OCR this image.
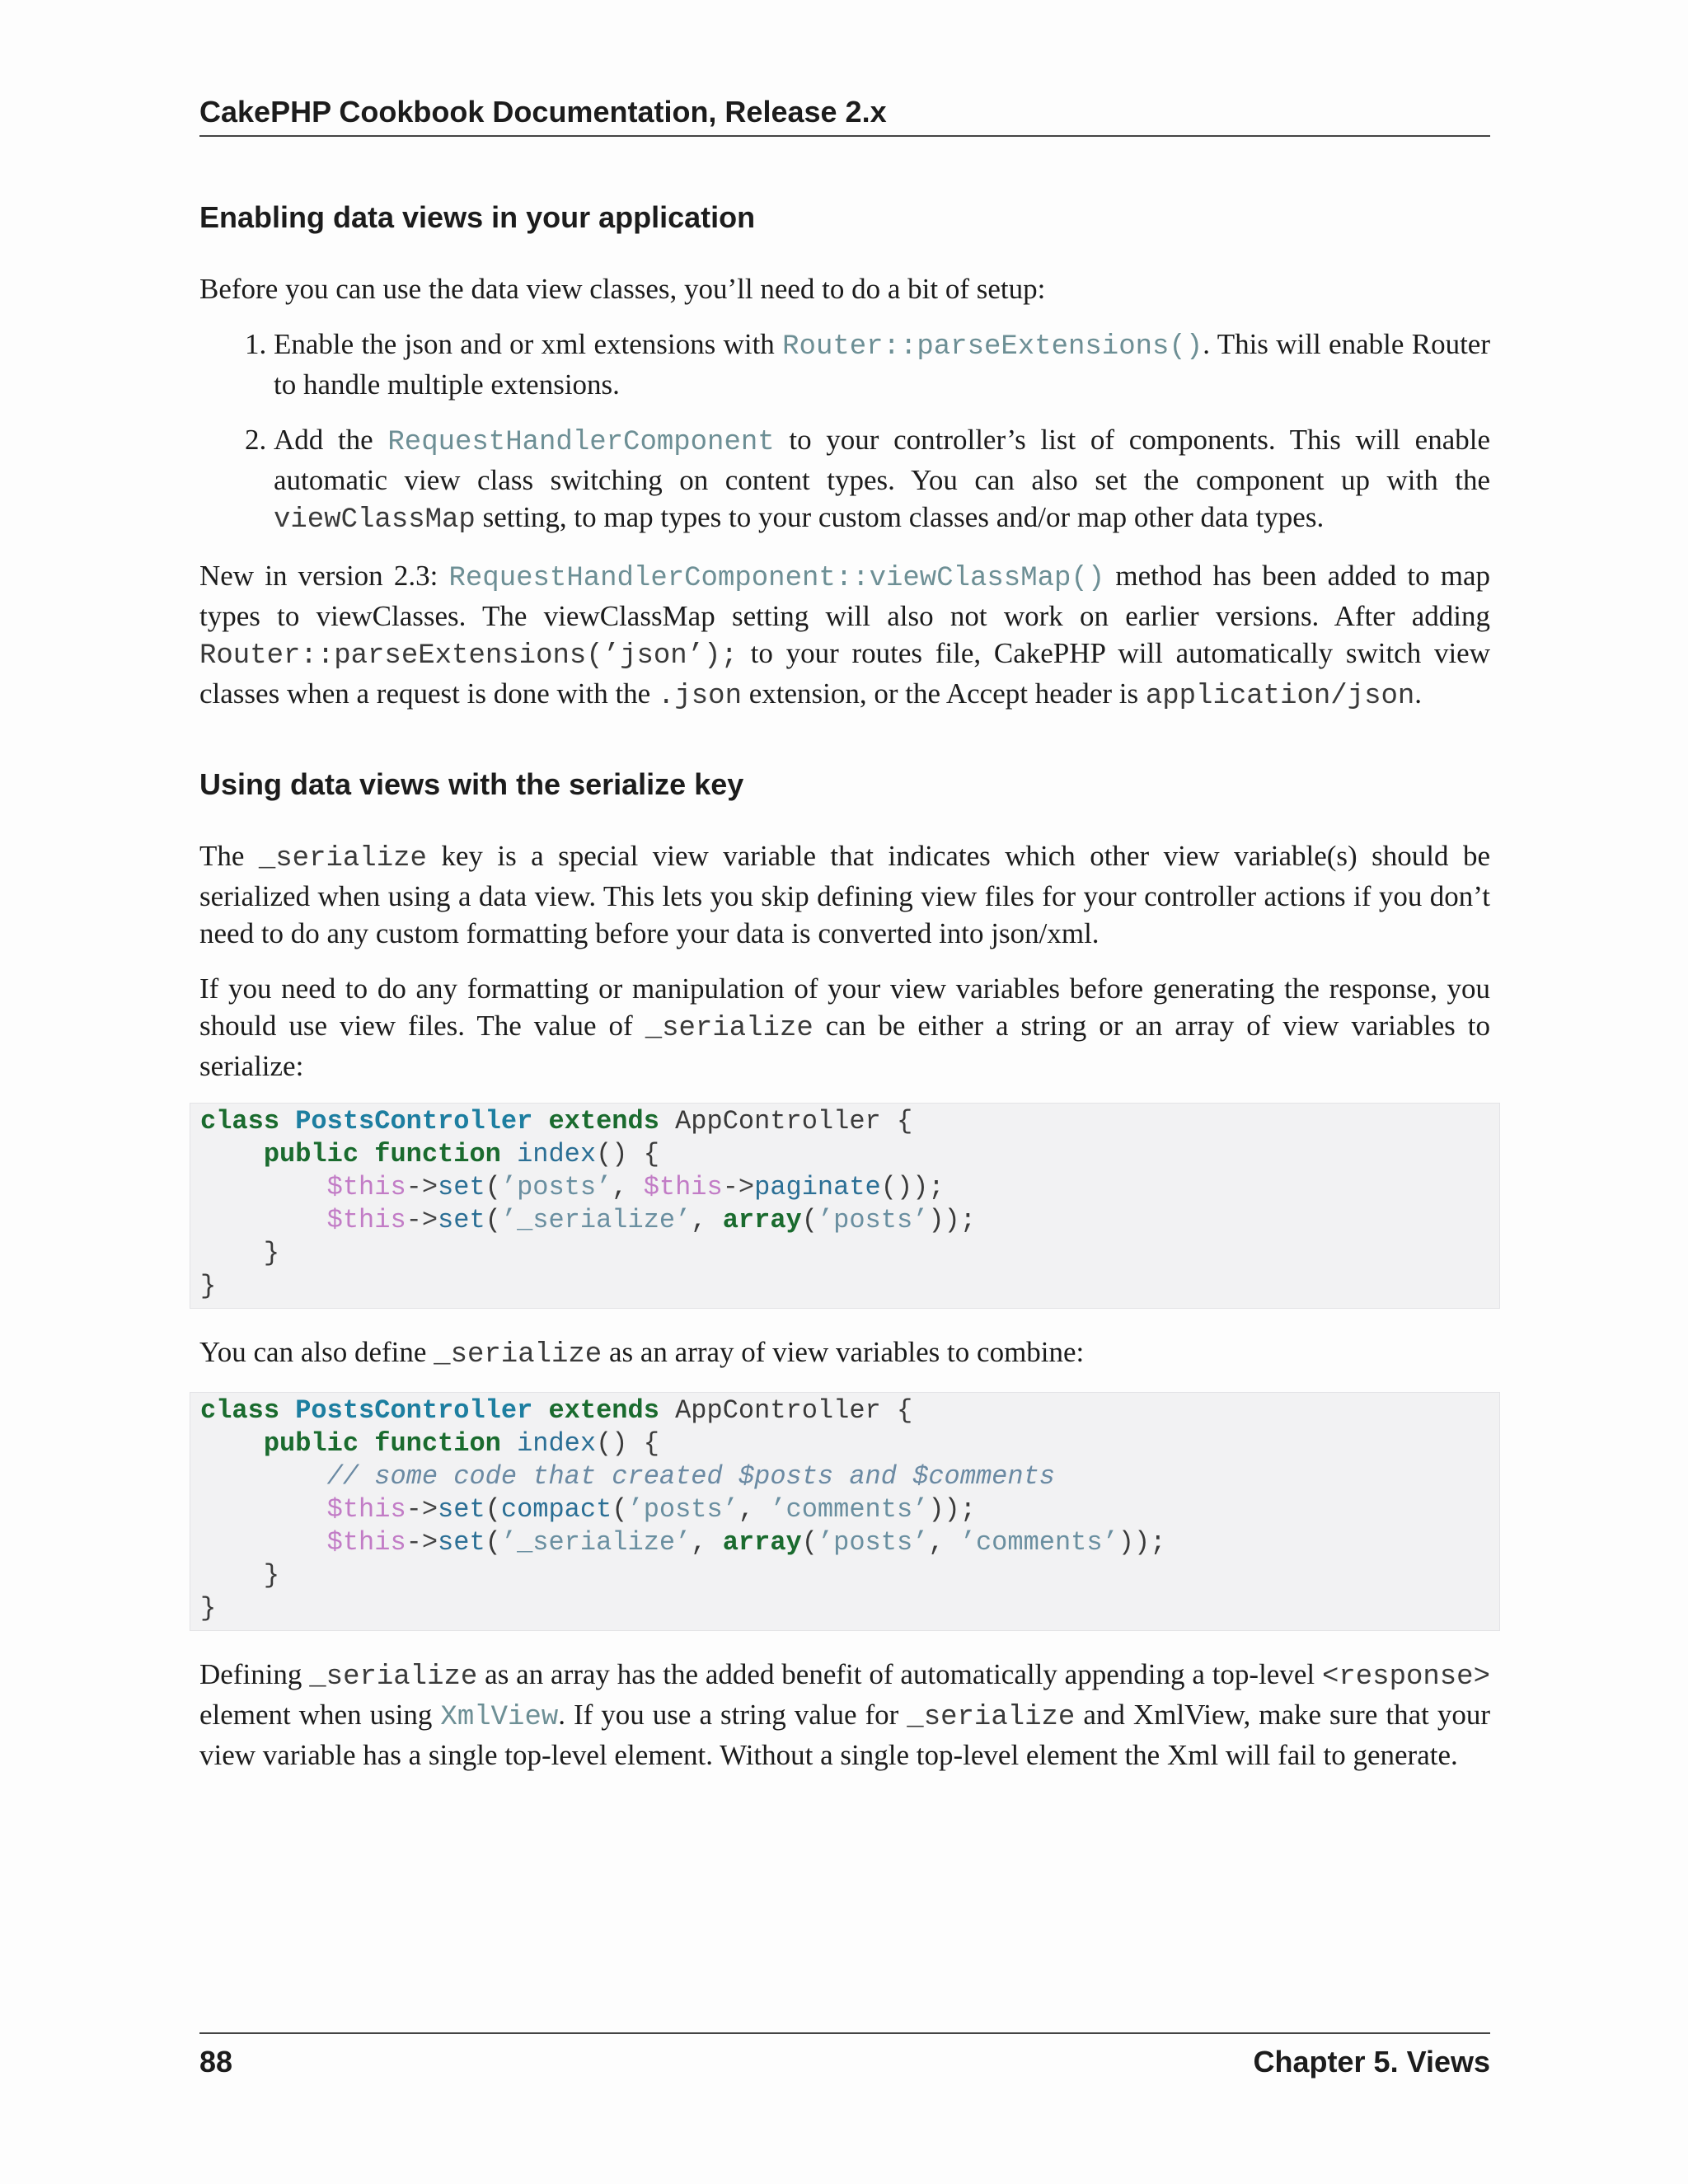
CakePHP Cookbook Documentation, Release 2.x
Enabling data views in your application

Before you can use the data view classes, you’ll need to do a bit of setup:

1. Enable the json and or xml extensions with Router::parseExtensions(). This will enable Router to handle multiple extensions.
2. Add the RequestHandlerComponent to your controller’s list of components. This will enable automatic view class switching on content types. You can also set the component up with the viewClassMap setting, to map types to your custom classes and/or map other data types.

New in version 2.3: RequestHandlerComponent::viewClassMap() method has been added to map types to viewClasses. The viewClassMap setting will also not work on earlier versions. After adding Router::parseExtensions(’json’); to your routes file, CakePHP will automatically switch view classes when a request is done with the .json extension, or the Accept header is application/json.

Using data views with the serialize key

The _serialize key is a special view variable that indicates which other view variable(s) should be serialized when using a data view. This lets you skip defining view files for your controller actions if you don’t need to do any custom formatting before your data is converted into json/xml.

If you need to do any formatting or manipulation of your view variables before generating the response, you should use view files. The value of _serialize can be either a string or an array of view variables to serialize:

class PostsController extends AppController {
public function index() {
$this->set(’posts’, $this->paginate());
$this->set(’_serialize’, array(’posts’));
}
}

You can also define _serialize as an array of view variables to combine:

class PostsController extends AppController {
public function index() {
// some code that created $posts and $comments
$this->set(compact(’posts’, ’comments’));
$this->set(’_serialize’, array(’posts’, ’comments’));
}
}

Defining _serialize as an array has the added benefit of automatically appending a top-level <response> element when using XmlView. If you use a string value for _serialize and XmlView, make sure that your view variable has a single top-level element. Without a single top-level element the Xml will fail to generate.

88	Chapter 5. Views
